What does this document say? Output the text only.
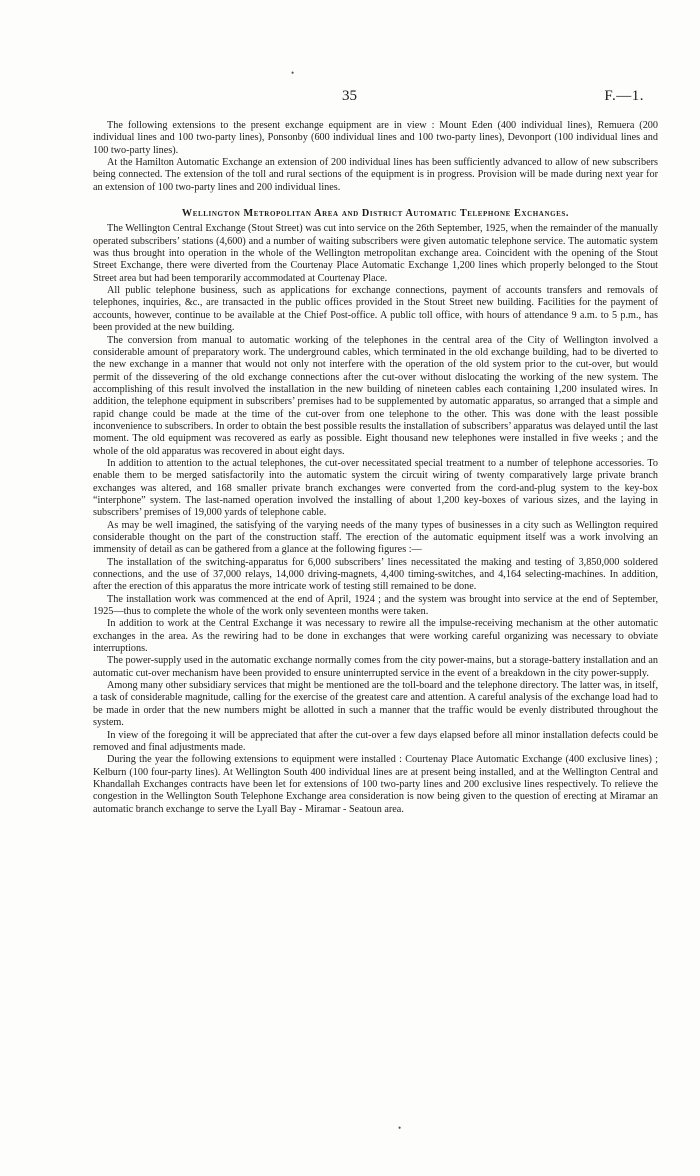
•
35	F.—1.

The following extensions to the present exchange equipment are in view : Mount Eden (400 individual lines), Remuera (200 individual lines and 100 two-party lines), Ponsonby (600 individual lines and 100 two-party lines), Devonport (100 individual lines and 100 two-party lines).

At the Hamilton Automatic Exchange an extension of 200 individual lines has been sufficiently advanced to allow of new subscribers being connected. The extension of the toll and rural sections of the equipment is in progress. Provision will be made during next year for an extension of 100 two-party lines and 200 individual lines.

Wellington Metropolitan Area and District Automatic Telephone Exchanges.

The Wellington Central Exchange (Stout Street) was cut into service on the 26th September, 1925, when the remainder of the manually operated subscribers’ stations (4,600) and a number of waiting subscribers were given automatic telephone service. The automatic system was thus brought into operation in the whole of the Wellington metropolitan exchange area. Coincident with the opening of the Stout Street Exchange, there were diverted from the Courtenay Place Automatic Exchange 1,200 lines which properly belonged to the Stout Street area but had been temporarily accommodated at Courtenay Place.

All public telephone business, such as applications for exchange connections, payment of accounts transfers and removals of telephones, inquiries, &c., are transacted in the public offices provided in the Stout Street new building. Facilities for the payment of accounts, however, continue to be available at the Chief Post-office. A public toll office, with hours of attendance 9 a.m. to 5 p.m., has been provided at the new building.

The conversion from manual to automatic working of the telephones in the central area of the City of Wellington involved a considerable amount of preparatory work. The underground cables, which terminated in the old exchange building, had to be diverted to the new exchange in a manner that would not only not interfere with the operation of the old system prior to the cut-over, but would permit of the dissevering of the old exchange connections after the cut-over without dislocating the working of the new system. The accomplishing of this result involved the installation in the new building of nineteen cables each containing 1,200 insulated wires. In addition, the telephone equipment in subscribers’ premises had to be supplemented by automatic apparatus, so arranged that a simple and rapid change could be made at the time of the cut-over from one telephone to the other. This was done with the least possible inconvenience to subscribers. In order to obtain the best possible results the installation of subscribers’ apparatus was delayed until the last moment. The old equipment was recovered as early as possible. Eight thousand new telephones were installed in five weeks ; and the whole of the old apparatus was recovered in about eight days.

In addition to attention to the actual telephones, the cut-over necessitated special treatment to a number of telephone accessories. To enable them to be merged satisfactorily into the automatic system the circuit wiring of twenty comparatively large private branch exchanges was altered, and 168 smaller private branch exchanges were converted from the cord-and-plug system to the key-box “interphone” system. The last-named operation involved the installing of about 1,200 key-boxes of various sizes, and the laying in subscribers’ premises of 19,000 yards of telephone cable.

As may be well imagined, the satisfying of the varying needs of the many types of businesses in a city such as Wellington required considerable thought on the part of the construction staff. The erection of the automatic equipment itself was a work involving an immensity of detail as can be gathered from a glance at the following figures :—

The installation of the switching-apparatus for 6,000 subscribers’ lines necessitated the making and testing of 3,850,000 soldered connections, and the use of 37,000 relays, 14,000 driving-magnets, 4,400 timing-switches, and 4,164 selecting-machines. In addition, after the erection of this apparatus the more intricate work of testing still remained to be done.

The installation work was commenced at the end of April, 1924 ; and the system was brought into service at the end of September, 1925—thus to complete the whole of the work only seventeen months were taken.

In addition to work at the Central Exchange it was necessary to rewire all the impulse-receiving mechanism at the other automatic exchanges in the area. As the rewiring had to be done in exchanges that were working careful organizing was necessary to obviate interruptions.

The power-supply used in the automatic exchange normally comes from the city power-mains, but a storage-battery installation and an automatic cut-over mechanism have been provided to ensure uninterrupted service in the event of a breakdown in the city power-supply.

Among many other subsidiary services that might be mentioned are the toll-board and the telephone directory. The latter was, in itself, a task of considerable magnitude, calling for the exercise of the greatest care and attention. A careful analysis of the exchange load had to be made in order that the new numbers might be allotted in such a manner that the traffic would be evenly distributed throughout the system.

In view of the foregoing it will be appreciated that after the cut-over a few days elapsed before all minor installation defects could be removed and final adjustments made.

During the year the following extensions to equipment were installed : Courtenay Place Automatic Exchange (400 exclusive lines) ; Kelburn (100 four-party lines). At Wellington South 400 individual lines are at present being installed, and at the Wellington Central and Khandallah Exchanges contracts have been let for extensions of 100 two-party lines and 200 exclusive lines respectively. To relieve the congestion in the Wellington South Telephone Exchange area consideration is now being given to the question of erecting at Miramar an automatic branch exchange to serve the Lyall Bay - Miramar - Seatoun area.

•
